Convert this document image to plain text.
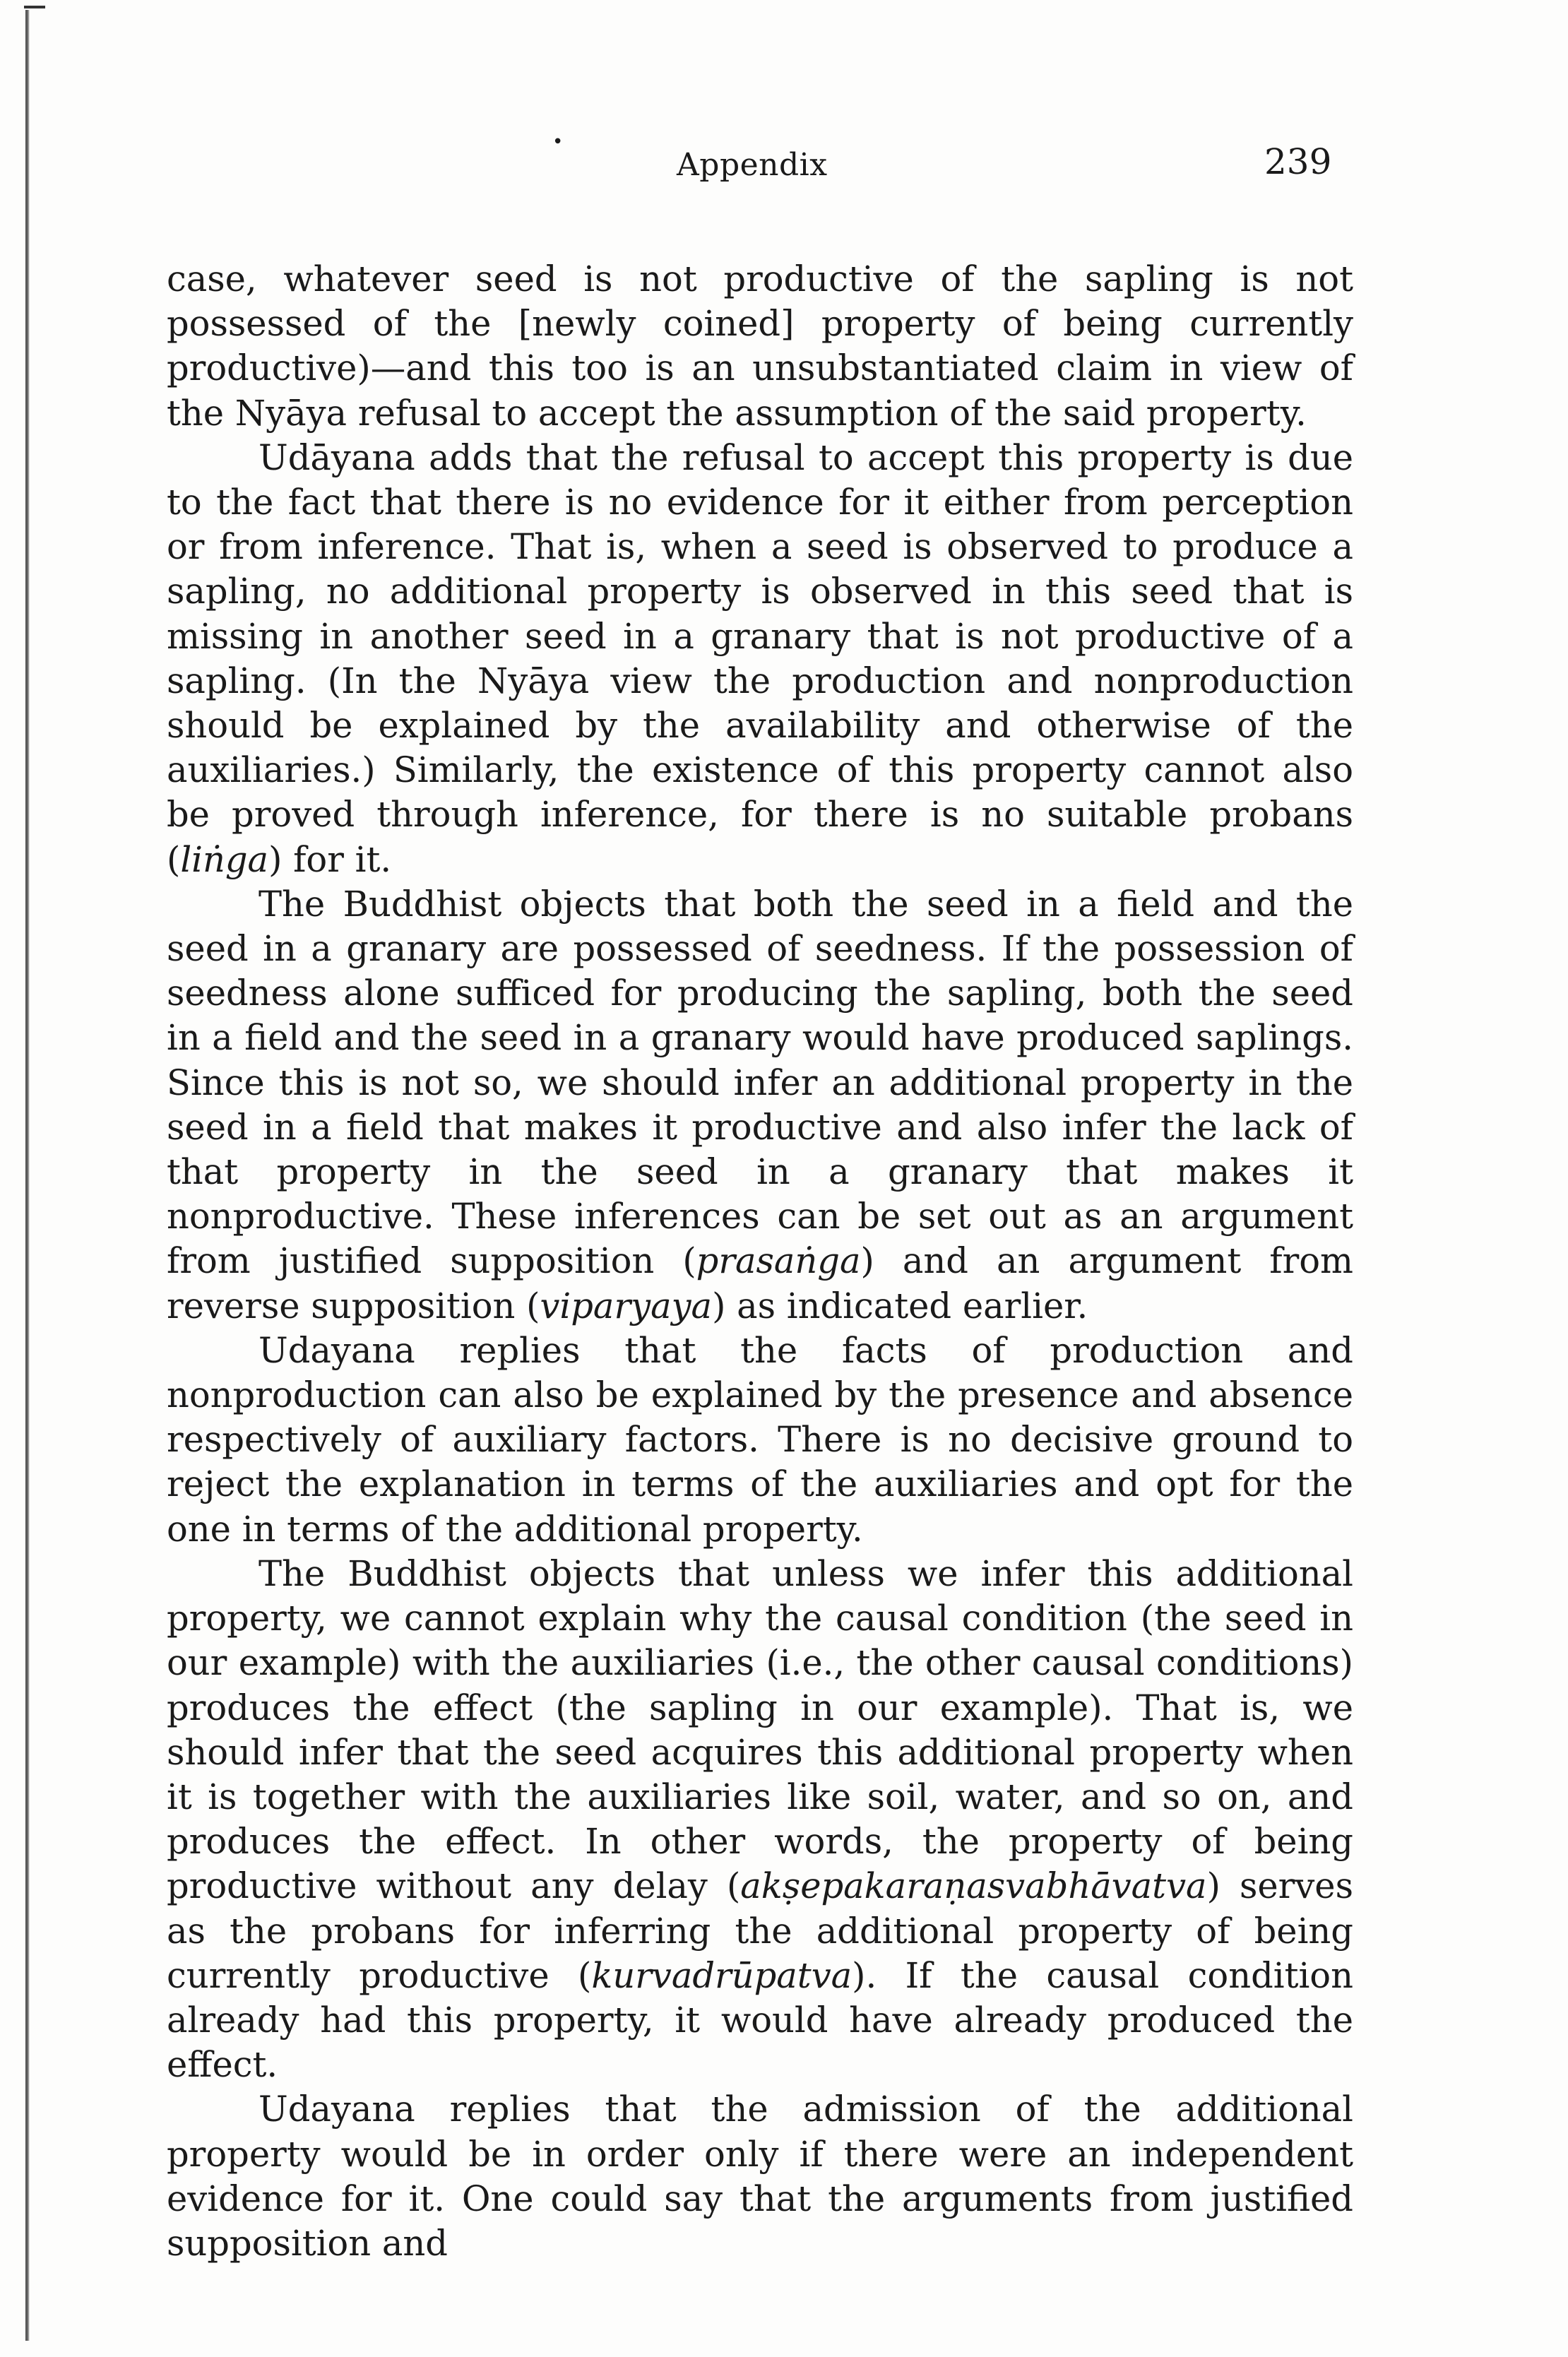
•
Appendix	239

case, whatever seed is not productive of the sapling is not possessed of the [newly coined] property of being currently productive)—and this too is an unsubstantiated claim in view of the Nyāya refusal to accept the assumption of the said property.

Udāyana adds that the refusal to accept this property is due to the fact that there is no evidence for it either from perception or from inference. That is, when a seed is observed to produce a sapling, no additional property is observed in this seed that is missing in another seed in a granary that is not productive of a sapling. (In the Nyāya view the production and nonproduction should be explained by the availability and otherwise of the auxiliaries.) Similarly, the existence of this property cannot also be proved through inference, for there is no suitable probans (liṅga) for it.

The Buddhist objects that both the seed in a field and the seed in a granary are possessed of seedness. If the possession of seedness alone sufficed for producing the sapling, both the seed in a field and the seed in a granary would have produced saplings. Since this is not so, we should infer an additional property in the seed in a field that makes it productive and also infer the lack of that property in the seed in a granary that makes it nonproductive. These inferences can be set out as an argument from justified supposition (prasaṅga) and an argument from reverse supposition (viparyaya) as indicated earlier.

Udayana replies that the facts of production and nonproduction can also be explained by the presence and absence respectively of auxiliary factors. There is no decisive ground to reject the explanation in terms of the auxiliaries and opt for the one in terms of the additional property.

The Buddhist objects that unless we infer this additional property, we cannot explain why the causal condition (the seed in our example) with the auxiliaries (i.e., the other causal conditions) produces the effect (the sapling in our example). That is, we should infer that the seed acquires this additional property when it is together with the auxiliaries like soil, water, and so on, and produces the effect. In other words, the property of being productive without any delay (akṣepakaraṇasvabhāvatva) serves as the probans for inferring the additional property of being currently productive (kurvadrūpatva). If the causal condition already had this property, it would have already produced the effect.

Udayana replies that the admission of the additional property would be in order only if there were an independent evidence for it. One could say that the arguments from justified supposition and
